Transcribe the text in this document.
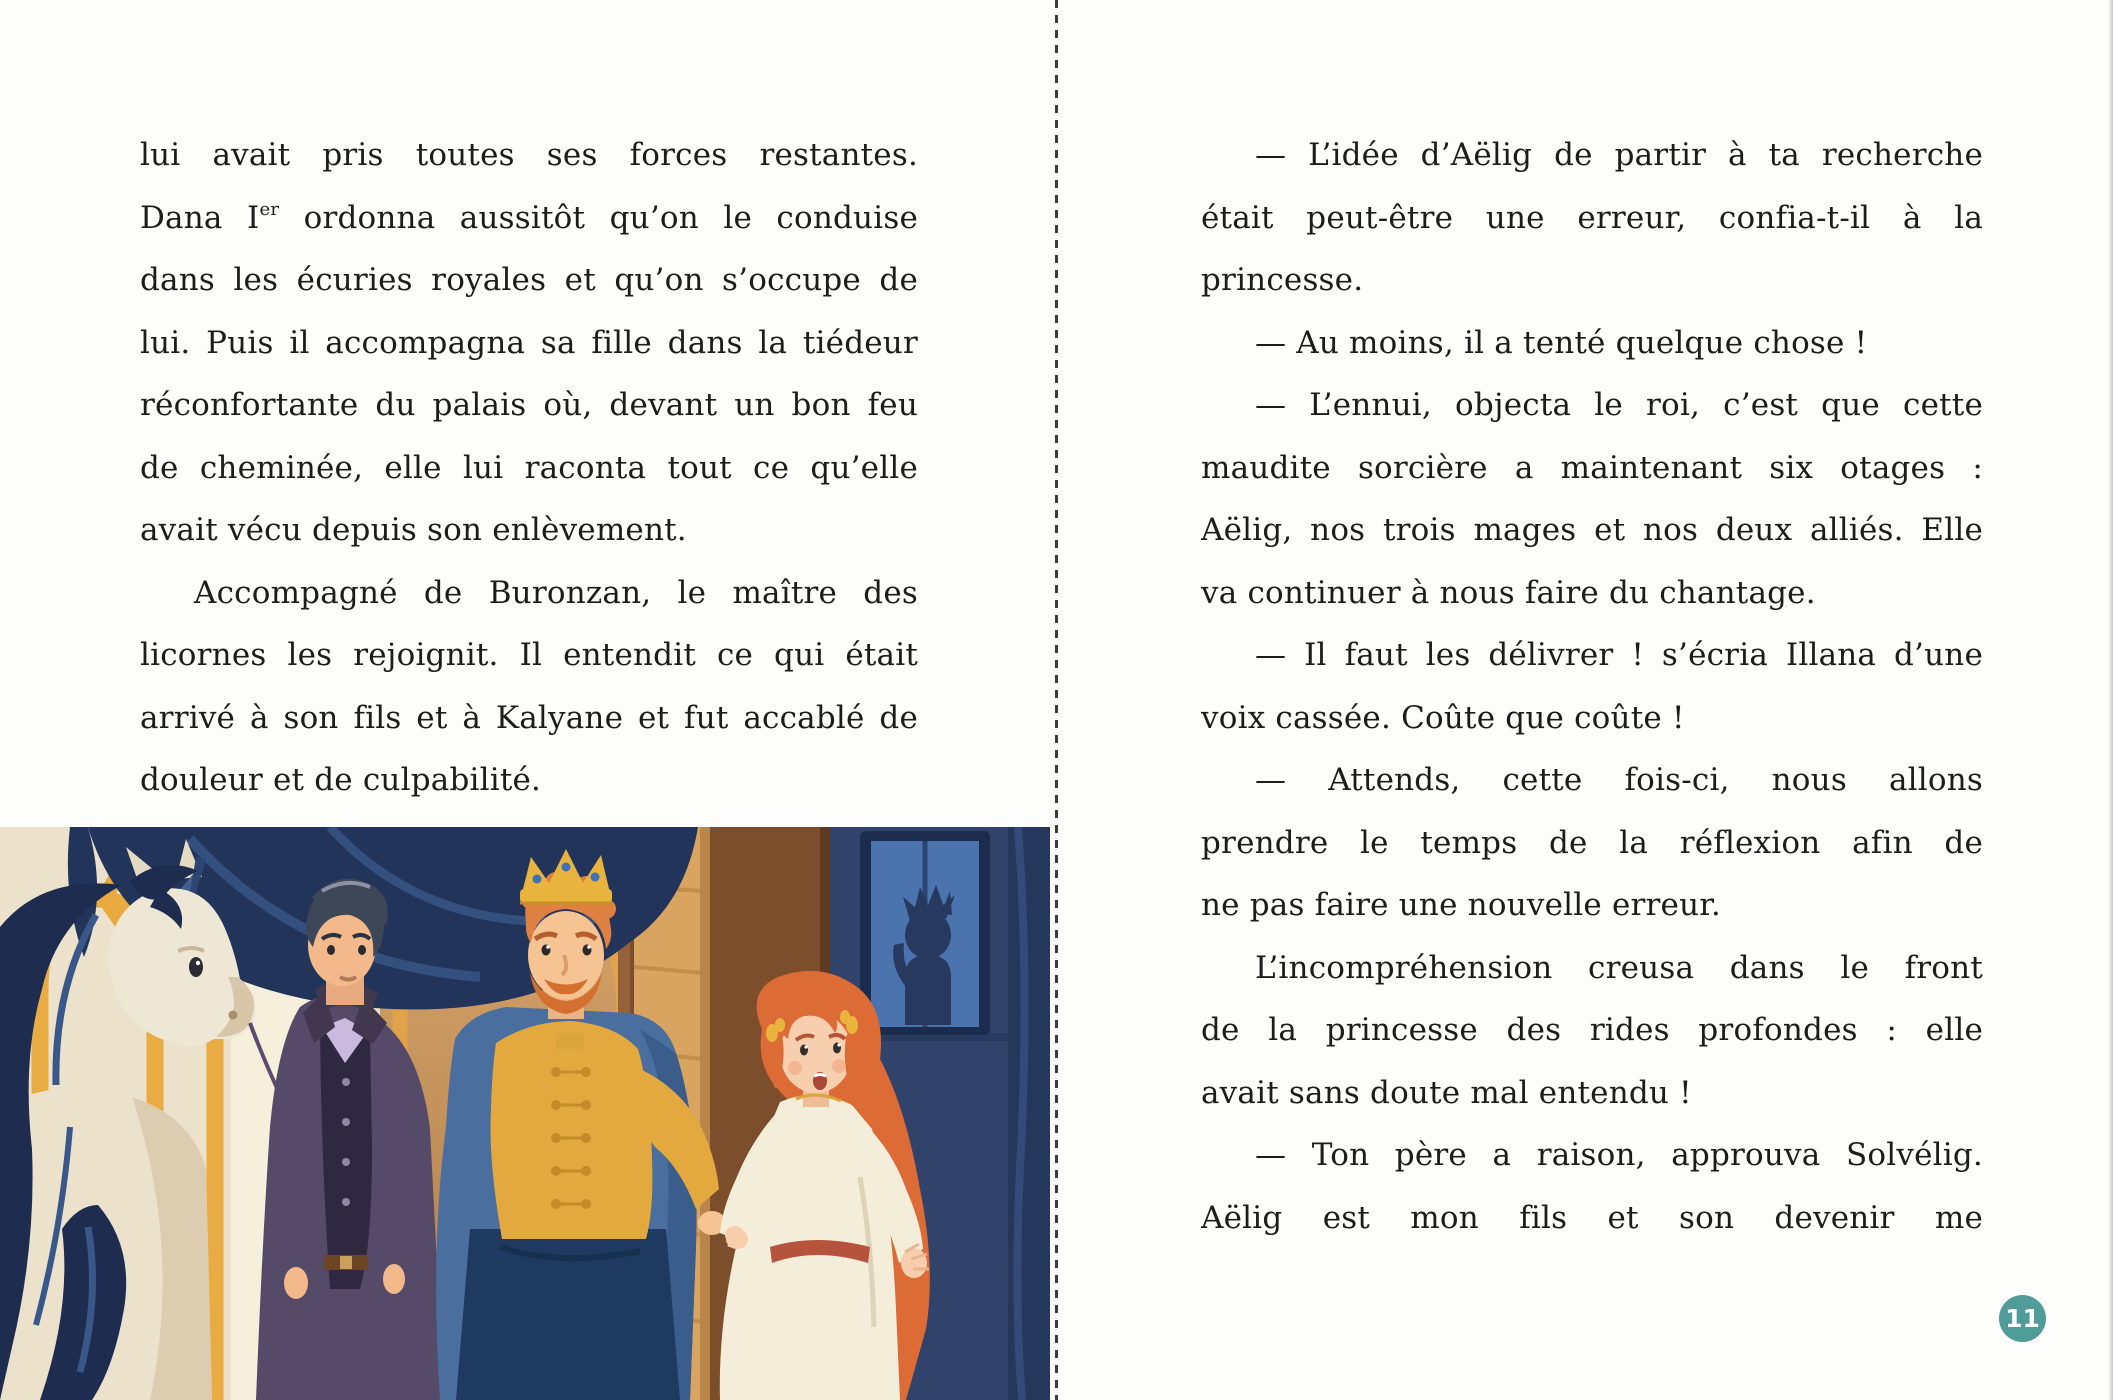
lui avait pris toutes ses forces restantes.
Dana Ier ordonna aussitôt qu’on le conduise
dans les écuries royales et qu’on s’occupe de
lui. Puis il accompagna sa fille dans la tiédeur
réconfortante du palais où, devant un bon feu
de cheminée, elle lui raconta tout ce qu’elle
avait vécu depuis son enlèvement.
Accompagné de Buronzan, le maître des
licornes les rejoignit. Il entendit ce qui était
arrivé à son fils et à Kalyane et fut accablé de
douleur et de culpabilité.
— L’idée d’Aëlig de partir à ta recherche
était peut-être une erreur, confia-t-il à la
princesse.
— Au moins, il a tenté quelque chose !
— L’ennui, objecta le roi, c’est que cette
maudite sorcière a maintenant six otages :
Aëlig, nos trois mages et nos deux alliés. Elle
va continuer à nous faire du chantage.
— Il faut les délivrer ! s’écria Illana d’une
voix cassée. Coûte que coûte !
— Attends, cette fois-ci, nous allons
prendre le temps de la réflexion afin de
ne pas faire une nouvelle erreur.
L’incompréhension creusa dans le front
de la princesse des rides profondes : elle
avait sans doute mal entendu !
— Ton père a raison, approuva Solvélig.
Aëlig est mon fils et son devenir me
11
